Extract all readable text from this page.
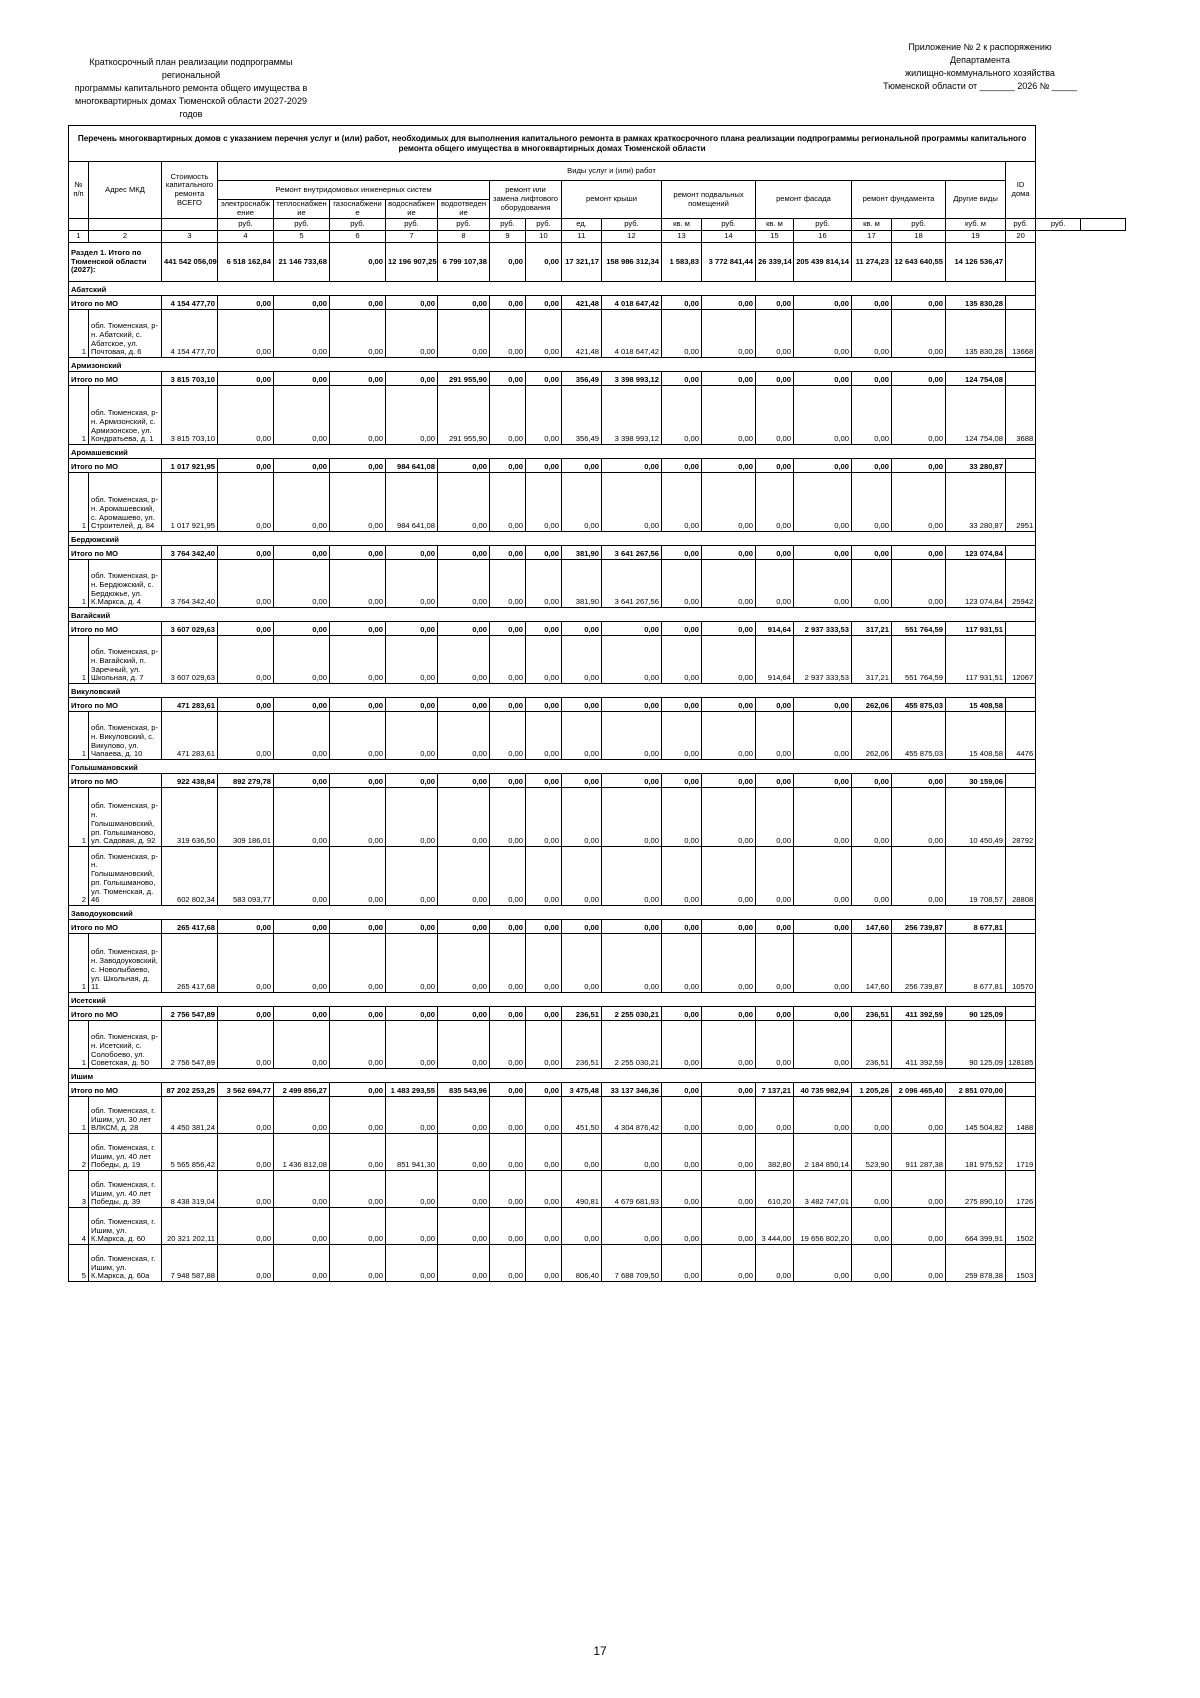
Краткосрочный план реализации подпрограммы региональной
программы капитального ремонта общего имущества в
многоквартирных домах Тюменской области 2027-2029 годов
Приложение № 2 к распоряжению Департамента
жилищно-коммунального хозяйства
Тюменской области от _______ 2026 № _____
Перечень многоквартирных домов с указанием перечня услуг и (или) работ, необходимых для выполнения капитального ремонта в рамках краткосрочного плана реализации подпрограммы региональной программы капитального ремонта общего имущества в многоквартирных домах Тюменской области																					
№ п/п	Адрес МКД	Стоимость капитального ремонта ВСЕГО	Виды услуг и (или) работ																ID дома		
			Ремонт внутридомовых инженерных систем					ремонт или замена лифтового оборудования		ремонт крыши		ремонт подвальных помещений		ремонт фасада		ремонт фундамента		Другие виды			
			электроснабжение	теплоснабжение	газоснабжение	водоснабжение	водоотведение														
			руб.	руб.	руб.	руб.	руб.	руб.	руб.	ед.	руб.	кв. м	руб.	кв. м	руб.	кв. м	руб.	куб. м	руб.	руб.	
1	2	3	4	5	6	7	8	9	10	11	12	13	14	15	16	17	18	19	20		
Раздел 1. Итого по Тюменской области (2027):		441 542 056,09	6 518 162,84	21 146 733,68	0,00	12 196 907,25	6 799 107,38	0,00	0,00	17 321,17	158 986 312,34	1 583,83	3 772 841,44	26 339,14	205 439 814,14	11 274,23	12 643 640,55	14 126 536,47			
Абатский																					
Итого по МО		4 154 477,70	0,00	0,00	0,00	0,00	0,00	0,00	0,00	421,48	4 018 647,42	0,00	0,00	0,00	0,00	0,00	0,00	135 830,28			
1	обл. Тюменская, р-н. Абатский, с. Абатское, ул. Почтовая, д. 6	4 154 477,70	0,00	0,00	0,00	0,00	0,00	0,00	0,00	421,48	4 018 647,42	0,00	0,00	0,00	0,00	0,00	0,00	135 830,28	13668		
Армизонский																					
Итого по МО		3 815 703,10	0,00	0,00	0,00	0,00	291 955,90	0,00	0,00	356,49	3 398 993,12	0,00	0,00	0,00	0,00	0,00	0,00	124 754,08			
1	обл. Тюменская, р-н. Армизонский, с. Армизонское, ул. Кондратьева, д. 1	3 815 703,10	0,00	0,00	0,00	0,00	291 955,90	0,00	0,00	356,49	3 398 993,12	0,00	0,00	0,00	0,00	0,00	0,00	124 754,08	3688		
Аромашевский																					
Итого по МО		1 017 921,95	0,00	0,00	0,00	984 641,08	0,00	0,00	0,00	0,00	0,00	0,00	0,00	0,00	0,00	0,00	0,00	33 280,87			
1	обл. Тюменская, р-н. Аромашевский, с. Аромашево, ул. Строителей, д. 84	1 017 921,95	0,00	0,00	0,00	984 641,08	0,00	0,00	0,00	0,00	0,00	0,00	0,00	0,00	0,00	0,00	0,00	33 280,87	2951		
Бердюжский																					
Итого по МО		3 764 342,40	0,00	0,00	0,00	0,00	0,00	0,00	0,00	381,90	3 641 267,56	0,00	0,00	0,00	0,00	0,00	0,00	123 074,84			
1	обл. Тюменская, р-н. Бердюжский, с. Бердюжье, ул. К.Маркса, д. 4	3 764 342,40	0,00	0,00	0,00	0,00	0,00	0,00	0,00	381,90	3 641 267,56	0,00	0,00	0,00	0,00	0,00	0,00	123 074,84	25942		
Вагайский																					
Итого по МО		3 607 029,63	0,00	0,00	0,00	0,00	0,00	0,00	0,00	0,00	0,00	0,00	0,00	914,64	2 937 333,53	317,21	551 764,59	117 931,51			
1	обл. Тюменская, р-н. Вагайский, п. Заречный, ул. Школьная, д. 7	3 607 029,63	0,00	0,00	0,00	0,00	0,00	0,00	0,00	0,00	0,00	0,00	0,00	914,64	2 937 333,53	317,21	551 764,59	117 931,51	12067		
Викуловский																					
Итого по МО		471 283,61	0,00	0,00	0,00	0,00	0,00	0,00	0,00	0,00	0,00	0,00	0,00	0,00	0,00	262,06	455 875,03	15 408,58			
1	обл. Тюменская, р-н. Викуловский, с. Викулово, ул. Чапаева, д. 10	471 283,61	0,00	0,00	0,00	0,00	0,00	0,00	0,00	0,00	0,00	0,00	0,00	0,00	0,00	262,06	455 875,03	15 408,58	4476		
Голышмановский																					
Итого по МО		922 438,84	892 279,78	0,00	0,00	0,00	0,00	0,00	0,00	0,00	0,00	0,00	0,00	0,00	0,00	0,00	0,00	30 159,06			
1	обл. Тюменская, р-н. Голышмановский, рп. Голышманово, ул. Садовая, д. 92	319 636,50	309 186,01	0,00	0,00	0,00	0,00	0,00	0,00	0,00	0,00	0,00	0,00	0,00	0,00	0,00	0,00	10 450,49	28792		
2	обл. Тюменская, р-н. Голышмановский, рп. Голышманово, ул. Тюменская, д. 46	602 802,34	583 093,77	0,00	0,00	0,00	0,00	0,00	0,00	0,00	0,00	0,00	0,00	0,00	0,00	0,00	0,00	19 708,57	28808		
Заводоуковский																					
Итого по МО		265 417,68	0,00	0,00	0,00	0,00	0,00	0,00	0,00	0,00	0,00	0,00	0,00	0,00	0,00	147,60	256 739,87	8 677,81			
1	обл. Тюменская, р-н. Заводоуковский, с. Новолыбаево, ул. Школьная, д. 11	265 417,68	0,00	0,00	0,00	0,00	0,00	0,00	0,00	0,00	0,00	0,00	0,00	0,00	0,00	147,60	256 739,87	8 677,81	10570		
Исетский																					
Итого по МО		2 756 547,89	0,00	0,00	0,00	0,00	0,00	0,00	0,00	236,51	2 255 030,21	0,00	0,00	0,00	0,00	236,51	411 392,59	90 125,09			
1	обл. Тюменская, р-н. Исетский, с. Солобоево, ул. Советская, д. 50	2 756 547,89	0,00	0,00	0,00	0,00	0,00	0,00	0,00	236,51	2 255 030,21	0,00	0,00	0,00	0,00	236,51	411 392,59	90 125,09	128185		
Ишим																					
Итого по МО		87 202 253,25	3 562 694,77	2 499 856,27	0,00	1 483 293,55	835 543,96	0,00	0,00	3 475,48	33 137 346,36	0,00	0,00	7 137,21	40 735 982,94	1 205,26	2 096 465,40	2 851 070,00			
1	обл. Тюменская, г. Ишим, ул. 30 лет ВЛКСМ, д. 28	4 450 381,24	0,00	0,00	0,00	0,00	0,00	0,00	0,00	451,50	4 304 876,42	0,00	0,00	0,00	0,00	0,00	0,00	145 504,82	1488		
2	обл. Тюменская, г. Ишим, ул. 40 лет Победы, д. 19	5 565 856,42	0,00	1 436 812,08	0,00	851 941,30	0,00	0,00	0,00	0,00	0,00	0,00	0,00	382,80	2 184 850,14	523,90	911 287,38	181 975,52	1719		
3	обл. Тюменская, г. Ишим, ул. 40 лет Победы, д. 39	8 438 319,04	0,00	0,00	0,00	0,00	0,00	0,00	0,00	490,81	4 679 681,93	0,00	0,00	610,20	3 482 747,01	0,00	0,00	275 890,10	1726		
4	обл. Тюменская, г. Ишим, ул. К.Маркса, д. 60	20 321 202,11	0,00	0,00	0,00	0,00	0,00	0,00	0,00	0,00	0,00	0,00	0,00	3 444,00	19 656 802,20	0,00	0,00	664 399,91	1502		
5	обл. Тюменская, г. Ишим, ул. К.Маркса, д. 60а	7 948 587,88	0,00	0,00	0,00	0,00	0,00	0,00	0,00	806,40	7 688 709,50	0,00	0,00	0,00	0,00	0,00	0,00	259 878,38	1503		
17
